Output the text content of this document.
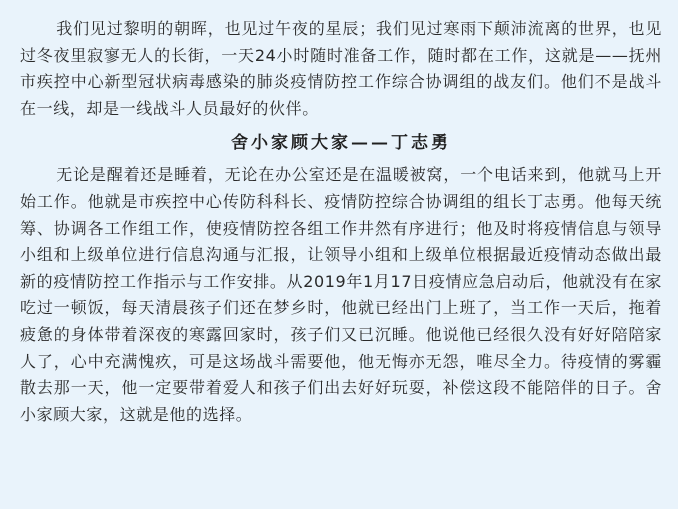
我们见过黎明的朝晖，也见过午夜的星辰；我们见过寒雨下颠沛流离的世界，也见过冬夜里寂寥无人的长街，一天24小时随时准备工作，随时都在工作，这就是——抚州市疾控中心新型冠状病毒感染的肺炎疫情防控工作综合协调组的战友们。他们不是战斗在一线，却是一线战斗人员最好的伙伴。

舍小家顾大家——丁志勇

无论是醒着还是睡着，无论在办公室还是在温暖被窝，一个电话来到，他就马上开始工作。他就是市疾控中心传防科科长、疫情防控综合协调组的组长丁志勇。他每天统筹、协调各工作组工作，使疫情防控各组工作井然有序进行；他及时将疫情信息与领导小组和上级单位进行信息沟通与汇报，让领导小组和上级单位根据最近疫情动态做出最新的疫情防控工作指示与工作安排。从2019年1月17日疫情应急启动后，他就没有在家吃过一顿饭，每天清晨孩子们还在梦乡时，他就已经出门上班了，当工作一天后，拖着疲惫的身体带着深夜的寒露回家时，孩子们又已沉睡。他说他已经很久没有好好陪陪家人了，心中充满愧疚，可是这场战斗需要他，他无悔亦无怨，唯尽全力。待疫情的雾霾散去那一天，他一定要带着爱人和孩子们出去好好玩耍，补偿这段不能陪伴的日子。舍小家顾大家，这就是他的选择。
